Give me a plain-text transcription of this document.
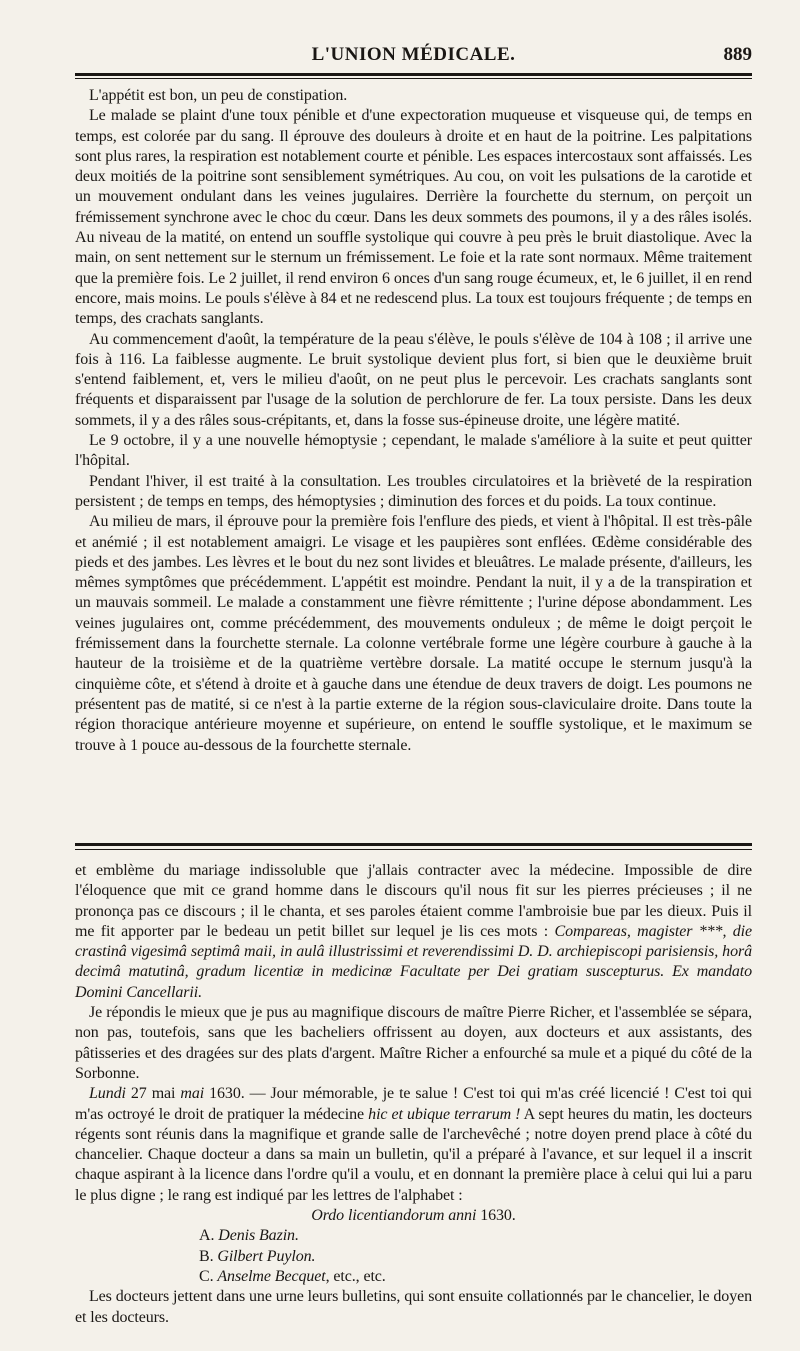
L'UNION MÉDICALE.	889

L'appétit est bon, un peu de constipation.

Le malade se plaint d'une toux pénible et d'une expectoration muqueuse et visqueuse qui, de temps en temps, est colorée par du sang. Il éprouve des douleurs à droite et en haut de la poitrine. Les palpitations sont plus rares, la respiration est notablement courte et pénible. Les espaces intercostaux sont affaissés. Les deux moitiés de la poitrine sont sensiblement symétriques. Au cou, on voit les pulsations de la carotide et un mouvement ondulant dans les veines jugulaires. Derrière la fourchette du sternum, on perçoit un frémissement synchrone avec le choc du cœur. Dans les deux sommets des poumons, il y a des râles isolés. Au niveau de la matité, on entend un souffle systolique qui couvre à peu près le bruit diastolique. Avec la main, on sent nettement sur le sternum un frémissement. Le foie et la rate sont normaux. Même traitement que la première fois. Le 2 juillet, il rend environ 6 onces d'un sang rouge écumeux, et, le 6 juillet, il en rend encore, mais moins. Le pouls s'élève à 84 et ne redescend plus. La toux est toujours fréquente ; de temps en temps, des crachats sanglants.

Au commencement d'août, la température de la peau s'élève, le pouls s'élève de 104 à 108 ; il arrive une fois à 116. La faiblesse augmente. Le bruit systolique devient plus fort, si bien que le deuxième bruit s'entend faiblement, et, vers le milieu d'août, on ne peut plus le percevoir. Les crachats sanglants sont fréquents et disparaissent par l'usage de la solution de perchlorure de fer. La toux persiste. Dans les deux sommets, il y a des râles sous-crépitants, et, dans la fosse sus-épineuse droite, une légère matité.

Le 9 octobre, il y a une nouvelle hémoptysie ; cependant, le malade s'améliore à la suite et peut quitter l'hôpital.

Pendant l'hiver, il est traité à la consultation. Les troubles circulatoires et la brièveté de la respiration persistent ; de temps en temps, des hémoptysies ; diminution des forces et du poids. La toux continue.

Au milieu de mars, il éprouve pour la première fois l'enflure des pieds, et vient à l'hôpital. Il est très-pâle et anémié ; il est notablement amaigri. Le visage et les paupières sont enflées. Œdème considérable des pieds et des jambes. Les lèvres et le bout du nez sont livides et bleuâtres. Le malade présente, d'ailleurs, les mêmes symptômes que précédemment. L'appétit est moindre. Pendant la nuit, il y a de la transpiration et un mauvais sommeil. Le malade a constamment une fièvre rémittente ; l'urine dépose abondamment. Les veines jugulaires ont, comme précédemment, des mouvements onduleux ; de même le doigt perçoit le frémissement dans la fourchette sternale. La colonne vertébrale forme une légère courbure à gauche à la hauteur de la troisième et de la quatrième vertèbre dorsale. La matité occupe le sternum jusqu'à la cinquième côte, et s'étend à droite et à gauche dans une étendue de deux travers de doigt. Les poumons ne présentent pas de matité, si ce n'est à la partie externe de la région sous-claviculaire droite. Dans toute la région thoracique antérieure moyenne et supérieure, on entend le souffle systolique, et le maximum se trouve à 1 pouce au-dessous de la fourchette sternale.

et emblème du mariage indissoluble que j'allais contracter avec la médecine. Impossible de dire l'éloquence que mit ce grand homme dans le discours qu'il nous fit sur les pierres précieuses ; il ne prononça pas ce discours ; il le chanta, et ses paroles étaient comme l'ambroisie bue par les dieux. Puis il me fit apporter par le bedeau un petit billet sur lequel je lis ces mots : Compareas, magister ***, die crastinâ vigesimâ septimâ maii, in aulâ illustrissimi et reverendissimi D. D. archiepiscopi parisiensis, horâ decimâ matutinâ, gradum licentiæ in medicinæ Facultate per Dei gratiam suscepturus. Ex mandato Domini Cancellarii.

Je répondis le mieux que je pus au magnifique discours de maître Pierre Richer, et l'assemblée se sépara, non pas, toutefois, sans que les bacheliers offrissent au doyen, aux docteurs et aux assistants, des pâtisseries et des dragées sur des plats d'argent. Maître Richer a enfourché sa mule et a piqué du côté de la Sorbonne.

Lundi 27 mai mai 1630. — Jour mémorable, je te salue ! C'est toi qui m'as créé licencié ! C'est toi qui m'as octroyé le droit de pratiquer la médecine hic et ubique terrarum ! A sept heures du matin, les docteurs régents sont réunis dans la magnifique et grande salle de l'archevêché ; notre doyen prend place à côté du chancelier. Chaque docteur a dans sa main un bulletin, qu'il a préparé à l'avance, et sur lequel il a inscrit chaque aspirant à la licence dans l'ordre qu'il a voulu, et en donnant la première place à celui qui lui a paru le plus digne ; le rang est indiqué par les lettres de l'alphabet :

Ordo licentiandorum anni 1630.

A. Denis Bazin.

B. Gilbert Puylon.

C. Anselme Becquet, etc., etc.

Les docteurs jettent dans une urne leurs bulletins, qui sont ensuite collationnés par le chancelier, le doyen et les docteurs.
